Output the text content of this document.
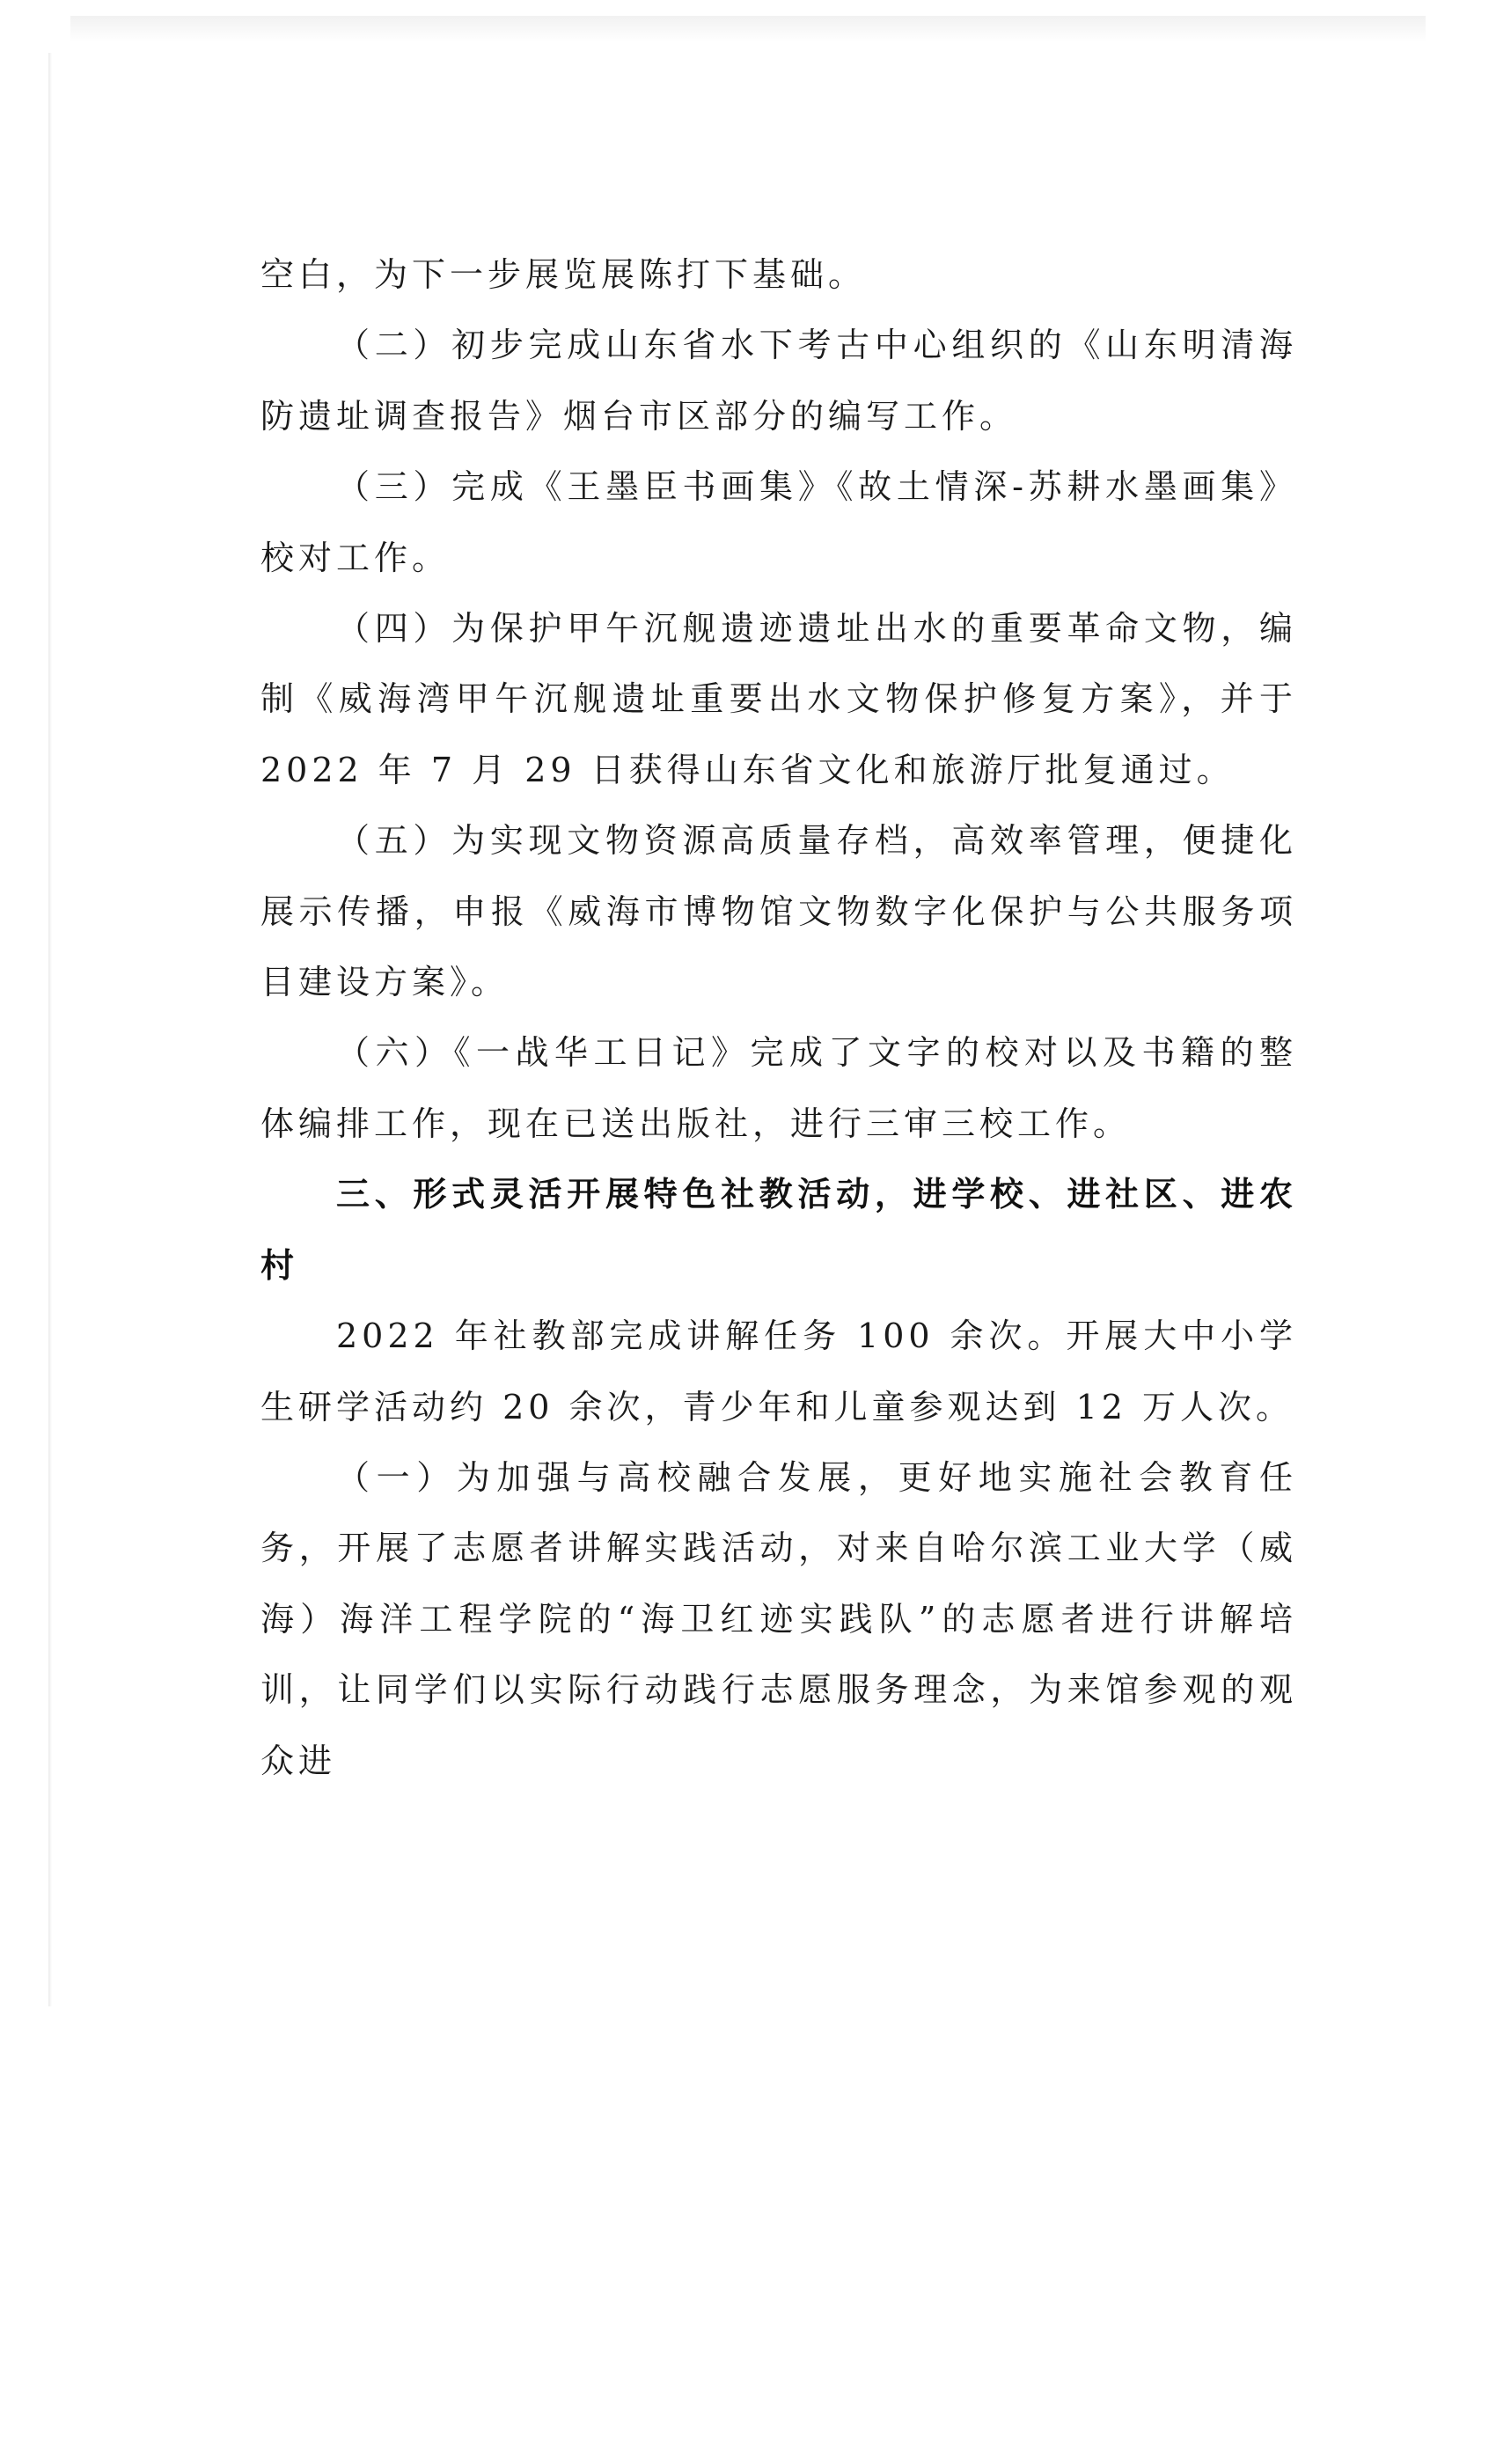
空白，为下一步展览展陈打下基础。

（二）初步完成山东省水下考古中心组织的《山东明清海防遗址调查报告》烟台市区部分的编写工作。

（三）完成《王墨臣书画集》《故土情深-苏耕水墨画集》校对工作。

（四）为保护甲午沉舰遗迹遗址出水的重要革命文物，编制《威海湾甲午沉舰遗址重要出水文物保护修复方案》，并于2022 年 7 月 29 日获得山东省文化和旅游厅批复通过。

（五）为实现文物资源高质量存档，高效率管理，便捷化展示传播，申报《威海市博物馆文物数字化保护与公共服务项目建设方案》。

（六）《一战华工日记》完成了文字的校对以及书籍的整体编排工作，现在已送出版社，进行三审三校工作。

三、形式灵活开展特色社教活动，进学校、进社区、进农村

2022 年社教部完成讲解任务 100 余次。开展大中小学生研学活动约 20 余次，青少年和儿童参观达到 12 万人次。

（一）为加强与高校融合发展，更好地实施社会教育任务，开展了志愿者讲解实践活动，对来自哈尔滨工业大学（威海）海洋工程学院的“海卫红迹实践队”的志愿者进行讲解培训，让同学们以实际行动践行志愿服务理念，为来馆参观的观众进
